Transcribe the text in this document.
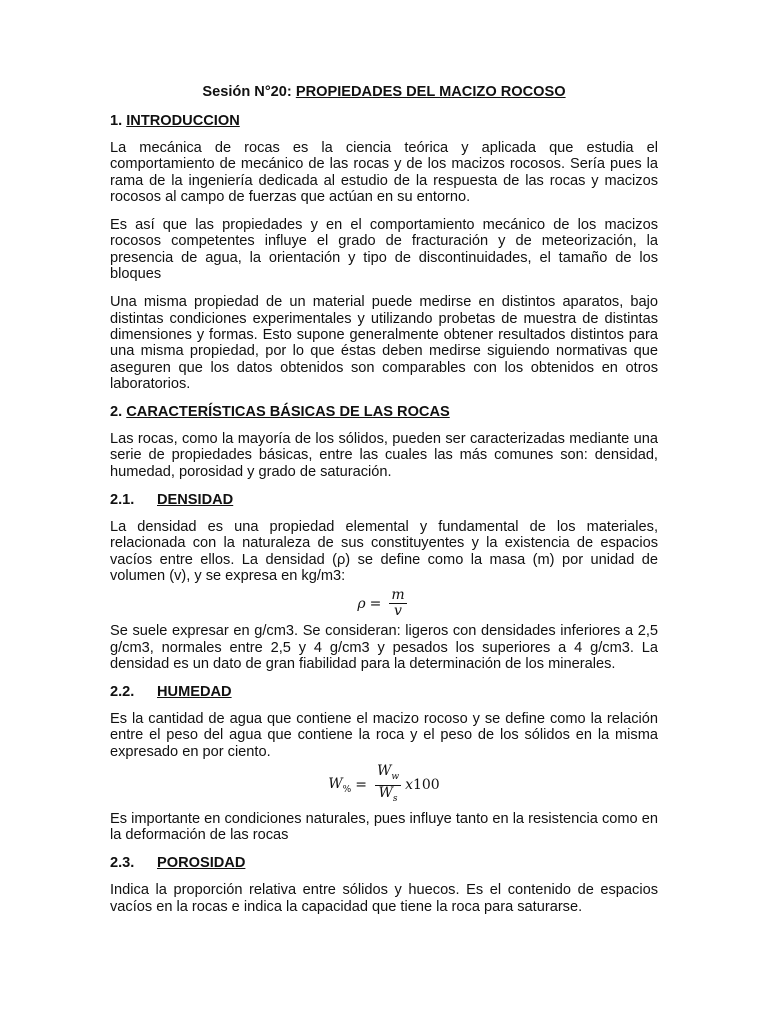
Sesión N°20: PROPIEDADES DEL MACIZO ROCOSO
1. INTRODUCCION

La mecánica de rocas es la ciencia teórica y aplicada que estudia el comportamiento de mecánico de las rocas y de los macizos rocosos. Sería pues la rama de la ingeniería dedicada al estudio de la respuesta de las rocas y macizos rocosos al campo de fuerzas que actúan en su entorno.

Es así que las propiedades y en el comportamiento mecánico de los macizos rocosos competentes influye el grado de fracturación y de meteorización, la presencia de agua, la orientación y tipo de discontinuidades, el tamaño de los bloques

Una misma propiedad de un material puede medirse en distintos aparatos, bajo distintas condiciones experimentales y utilizando probetas de muestra de distintas dimensiones y formas. Esto supone generalmente obtener resultados distintos para una misma propiedad, por lo que éstas deben medirse siguiendo normativas que aseguren que los datos obtenidos son comparables con los obtenidos en otros laboratorios.

2. CARACTERÍSTICAS BÁSICAS DE LAS ROCAS

Las rocas, como la mayoría de los sólidos, pueden ser caracterizadas mediante una serie de propiedades básicas, entre las cuales las más comunes son: densidad, humedad, porosidad y grado de saturación.

2.1.	DENSIDAD

La densidad es una propiedad elemental y fundamental de los materiales, relacionada con la naturaleza de sus constituyentes y la existencia de espacios vacíos entre ellos. La densidad (ρ) se define como la masa (m) por unidad de volumen (v), y se expresa en kg/m3:

$\rho = \frac{m}{v}$

Se suele expresar en g/cm3. Se consideran: ligeros con densidades inferiores a 2,5 g/cm3, normales entre 2,5 y 4 g/cm3 y pesados los superiores a 4 g/cm3. La densidad es un dato de gran fiabilidad para la determinación de los minerales.

2.2.	HUMEDAD

Es la cantidad de agua que contiene el macizo rocoso y se define como la relación entre el peso del agua que contiene la roca y el peso de los sólidos en la misma expresado en por ciento.

$W_{\%} = \frac{W_w}{W_s}$ x 100

Es importante en condiciones naturales, pues influye tanto en la resistencia como en la deformación de las rocas

2.3.	POROSIDAD

Indica la proporción relativa entre sólidos y huecos. Es el contenido de espacios vacíos en la rocas e indica la capacidad que tiene la roca para saturarse.
